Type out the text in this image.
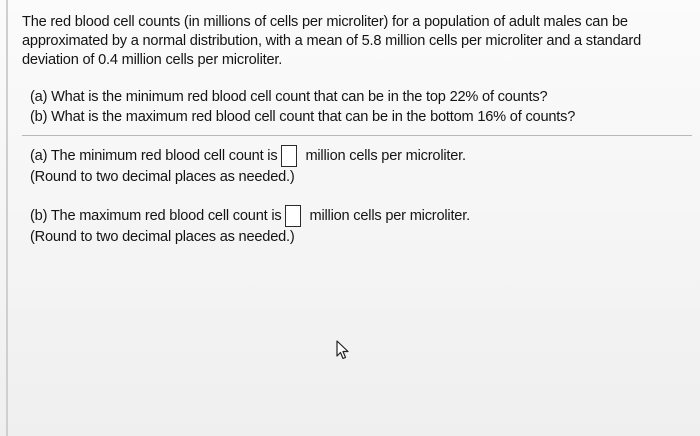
The red blood cell counts (in millions of cells per microliter) for a population of adult males can be approximated by a normal distribution, with a mean of 5.8 million cells per microliter and a standard deviation of 0.4 million cells per microliter.
(a) What is the minimum red blood cell count that can be in the top 22% of counts?
(b) What is the maximum red blood cell count that can be in the bottom 16% of counts?
(a) The minimum red blood cell count is million cells per microliter.
(Round to two decimal places as needed.)
(b) The maximum red blood cell count is million cells per microliter.
(Round to two decimal places as needed.)
